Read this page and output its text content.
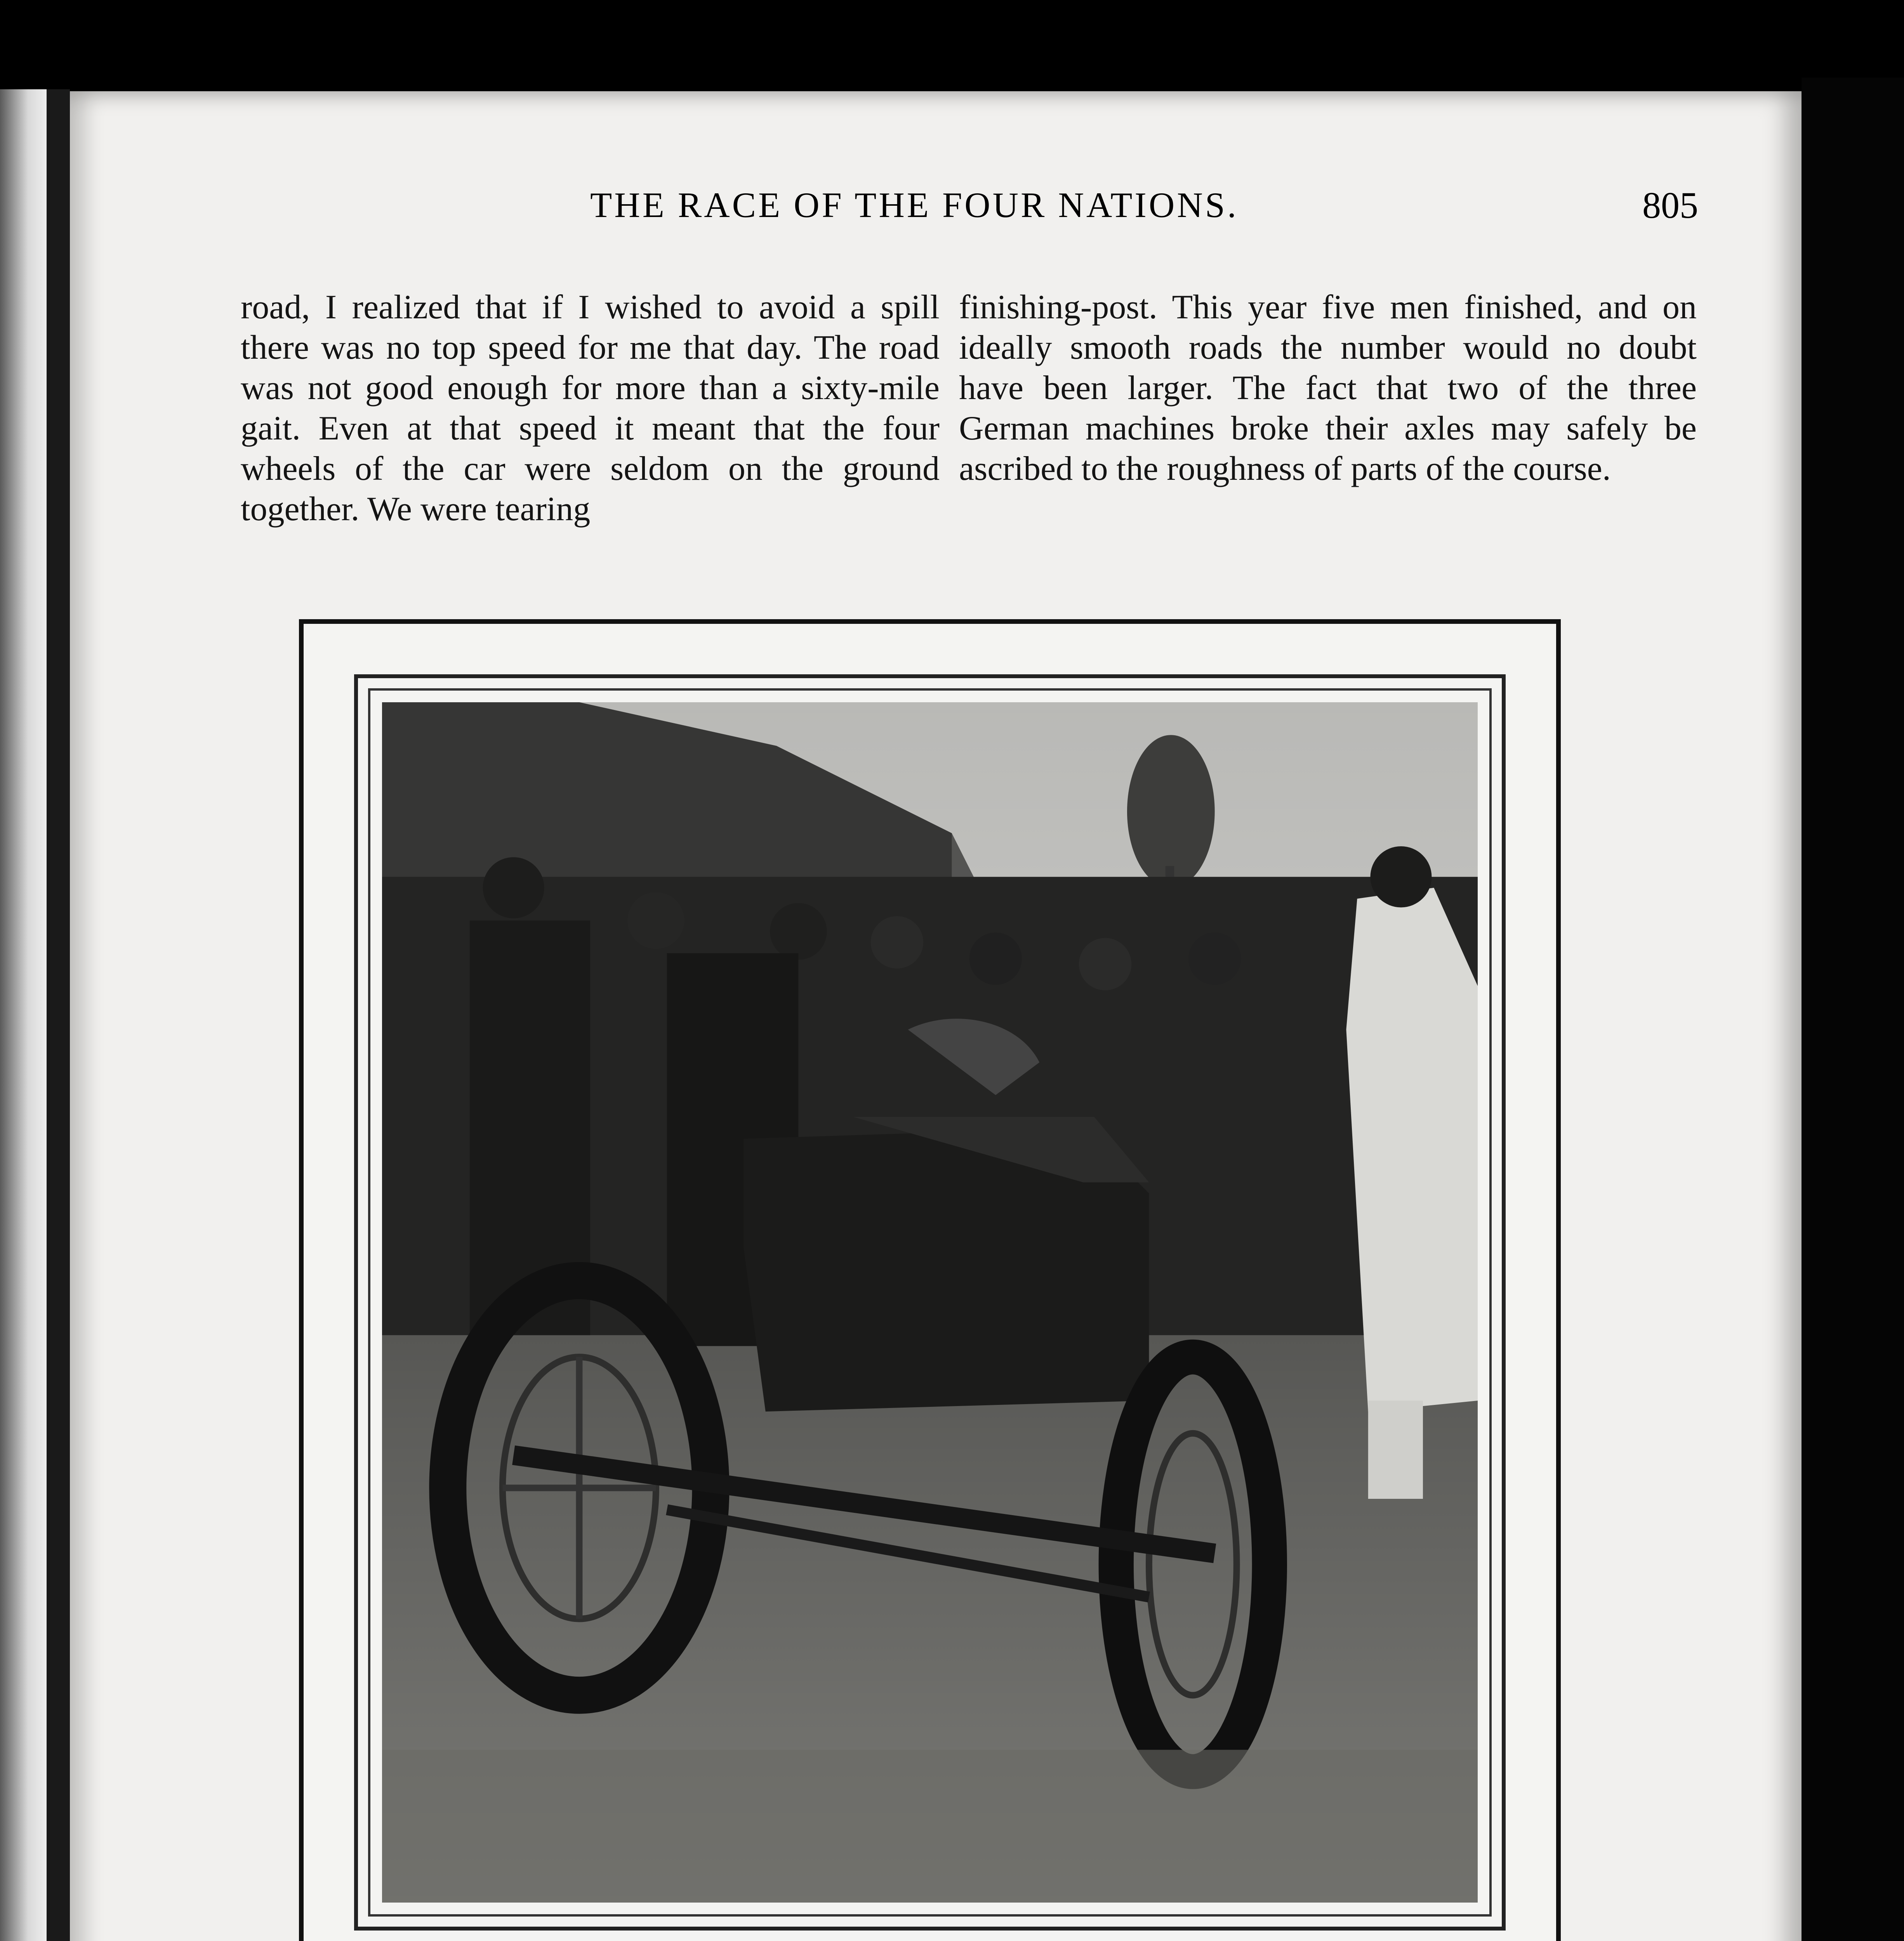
THE RACE OF THE FOUR NATIONS.	805

road, I realized that if I wished to avoid a spill there was no top speed for me that day. The road was not good enough for more than a sixty-mile gait. Even at that speed it meant that the four wheels of the car were seldom on the ground together. We were tearing

finishing-post. This year five men finished, and on ideally smooth roads the number would no doubt have been larger. The fact that two of the three German machines broke their axles may safely be ascribed to the roughness of parts of the course.
